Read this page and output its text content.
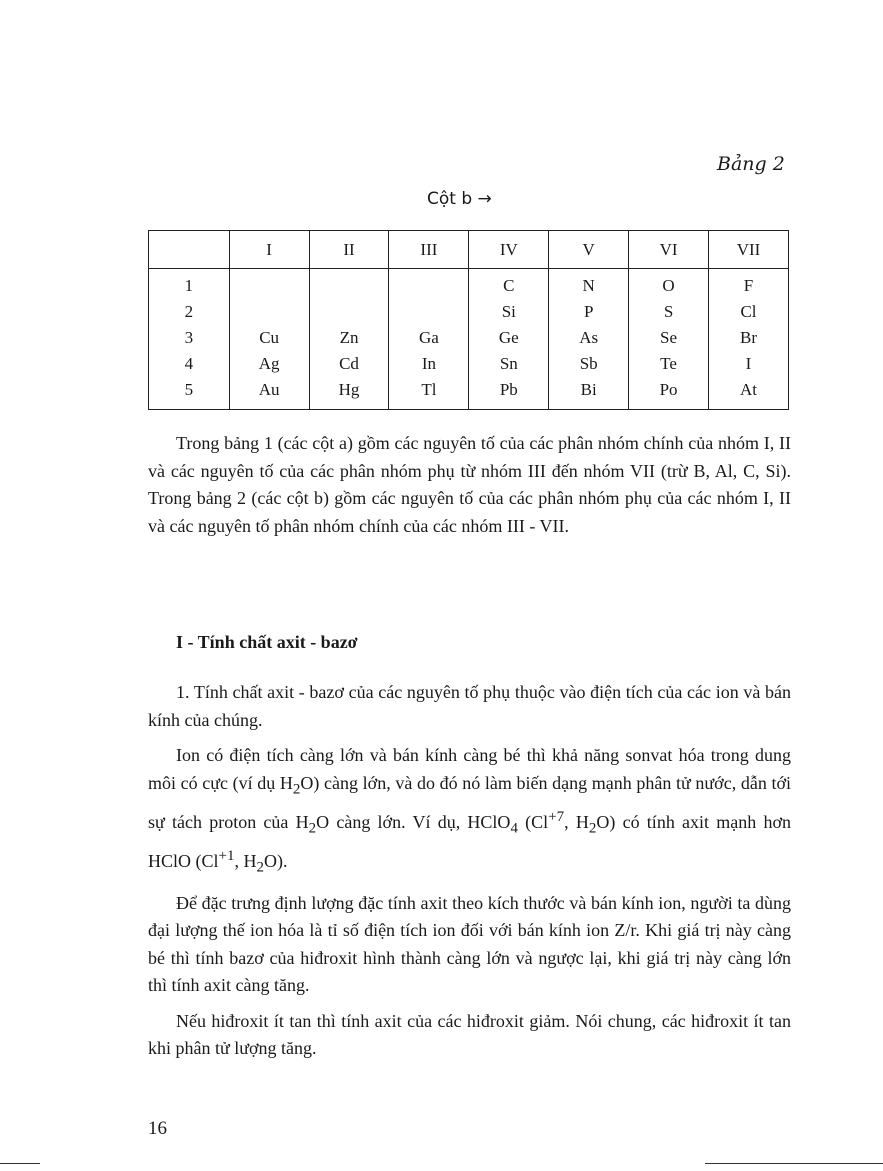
Bảng 2
Cột b →
	I	II	III	IV	V	VI	VII
1				C	N	O	F
2				Si	P	S	Cl
3	Cu	Zn	Ga	Ge	As	Se	Br
4	Ag	Cd	In	Sn	Sb	Te	I
5	Au	Hg	Tl	Pb	Bi	Po	At

Trong bảng 1 (các cột a) gồm các nguyên tố của các phân nhóm chính của nhóm I, II và các nguyên tố của các phân nhóm phụ từ nhóm III đến nhóm VII (trừ B, Al, C, Si). Trong bảng 2 (các cột b) gồm các nguyên tố của các phân nhóm phụ của các nhóm I, II và các nguyên tố phân nhóm chính của các nhóm III - VII.

I - Tính chất axit - bazơ

1. Tính chất axit - bazơ của các nguyên tố phụ thuộc vào điện tích của các ion và bán kính của chúng.

Ion có điện tích càng lớn và bán kính càng bé thì khả năng sonvat hóa trong dung môi có cực (ví dụ $H_2O$) càng lớn, và do đó nó làm biến dạng mạnh phân tử nước, dẫn tới sự tách proton của $H_2O$ càng lớn. Ví dụ, HClO$_4$ ($Cl^{+7}$, $H_2O$) có tính axit mạnh hơn HClO ($Cl^{+1}$, $H_2O$).

Để đặc trưng định lượng đặc tính axit theo kích thước và bán kính ion, người ta dùng đại lượng thế ion hóa là tỉ số điện tích ion đối với bán kính ion Z/r. Khi giá trị này càng bé thì tính bazơ của hiđroxit hình thành càng lớn và ngược lại, khi giá trị này càng lớn thì tính axit càng tăng.

Nếu hiđroxit ít tan thì tính axit của các hiđroxit giảm. Nói chung, các hiđroxit ít tan khi phân tử lượng tăng.

16
